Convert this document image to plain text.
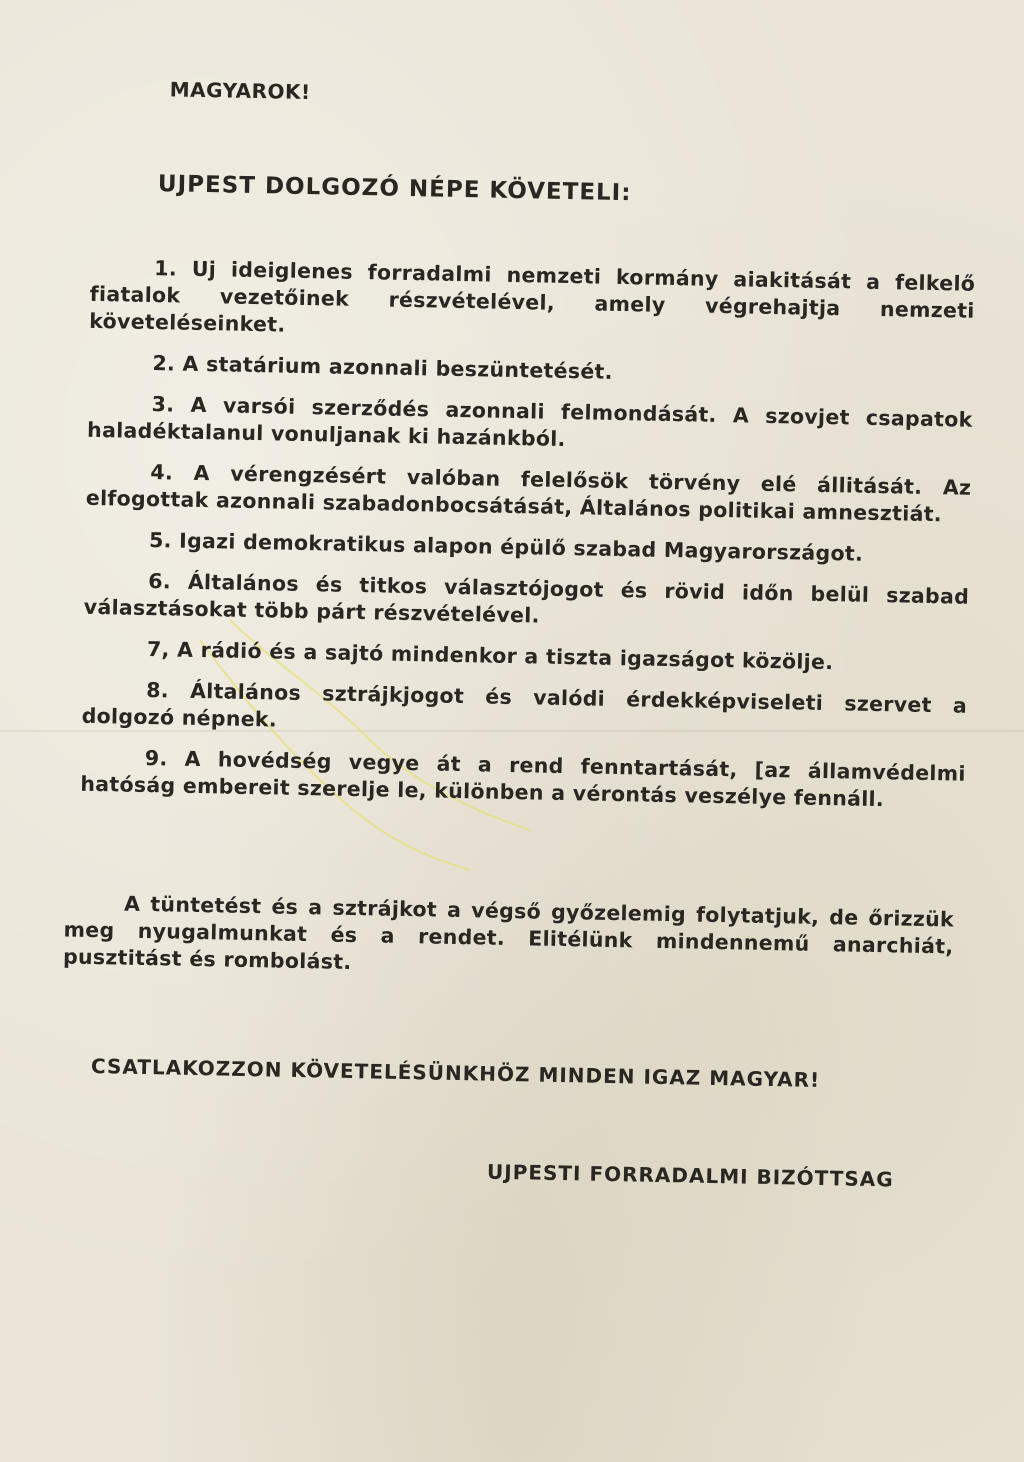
MAGYAROK!
UJPEST DOLGOZÓ NÉPE KÖVETELI:
1. Uj ideiglenes forradalmi nemzeti kormány aiakitását a felkelő fiatalok vezetőinek részvételével, amely végrehajtja nemzeti követeléseinket.
2. A statárium azonnali beszüntetését.
3. A varsói szerződés azonnali felmondását. A szovjet csapatok haladéktalanul vonuljanak ki hazánkból.
4. A vérengzésért valóban felelősök törvény elé állitását. Az elfogottak azonnali szabadonbocsátását, Általános politikai amnesztiát.
5. Igazi demokratikus alapon épülő szabad Magyarországot.
6. Általános és titkos választójogot és rövid időn belül szabad választásokat több párt részvételével.
7, A rádió és a sajtó mindenkor a tiszta igazságot közölje.
8. Általános sztrájkjogot és valódi érdekképviseleti szervet a dolgozó népnek.
9. A hovédség vegye át a rend fenntartását, [az államvédelmi hatóság embereit szerelje le, különben a vérontás veszélye fennáll.

A tüntetést és a sztrájkot a végső győzelemig folytatjuk, de őrizzük meg nyugalmunkat és a rendet. Elitélünk mindennemű anarchiát, pusztitást és rombolást.

CSATLAKOZZON KÖVETELÉSÜNKHÖZ MINDEN IGAZ MAGYAR!

UJPESTI FORRADALMI BIZÓTTSAG
